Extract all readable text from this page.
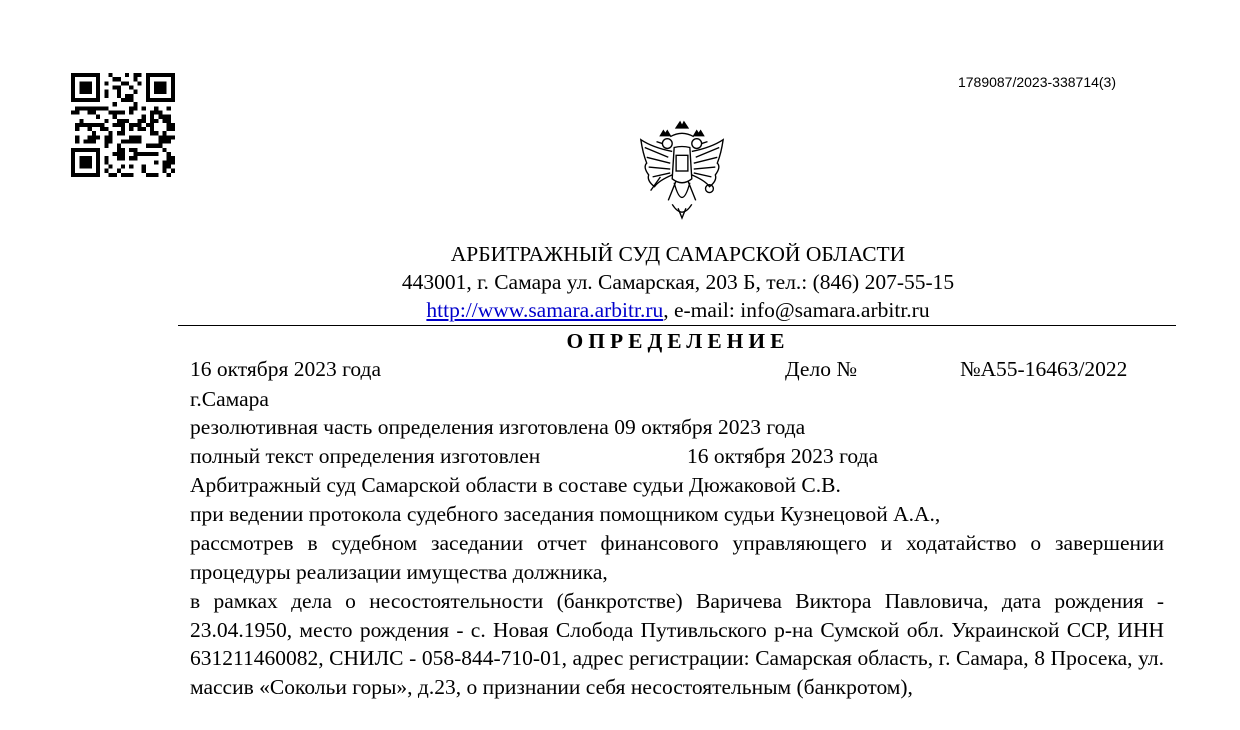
1789087/2023-338714(3)
АРБИТРАЖНЫЙ СУД САМАРСКОЙ ОБЛАСТИ
443001, г. Самара ул. Самарская, 203 Б, тел.: (846) 207-55-15
http://www.samara.arbitr.ru, e-mail: info@samara.arbitr.ru
ОПРЕДЕЛЕНИЕ
16 октября 2023 года	Дело №	№А55-16463/2022
г.Самара
резолютивная часть определения изготовлена 09 октября 2023 года
полный текст определения изготовлен	16 октября 2023 года
Арбитражный суд Самарской области в составе судьи Дюжаковой С.В.
при ведении протокола судебного заседания помощником судьи Кузнецовой А.А.,
рассмотрев в судебном заседании отчет финансового управляющего и ходатайство о завершении процедуры реализации имущества должника,
в рамках дела о несостоятельности (банкротстве) Варичева Виктора Павловича, дата рождения - 23.04.1950, место рождения - с. Новая Слобода Путивльского р-на Сумской обл. Украинской ССР, ИНН 631211460082, СНИЛС - 058-844-710-01, адрес регистрации: Самарская область, г. Самара, 8 Просека, ул. массив «Сокольи горы», д.23, о признании себя несостоятельным (банкротом),
